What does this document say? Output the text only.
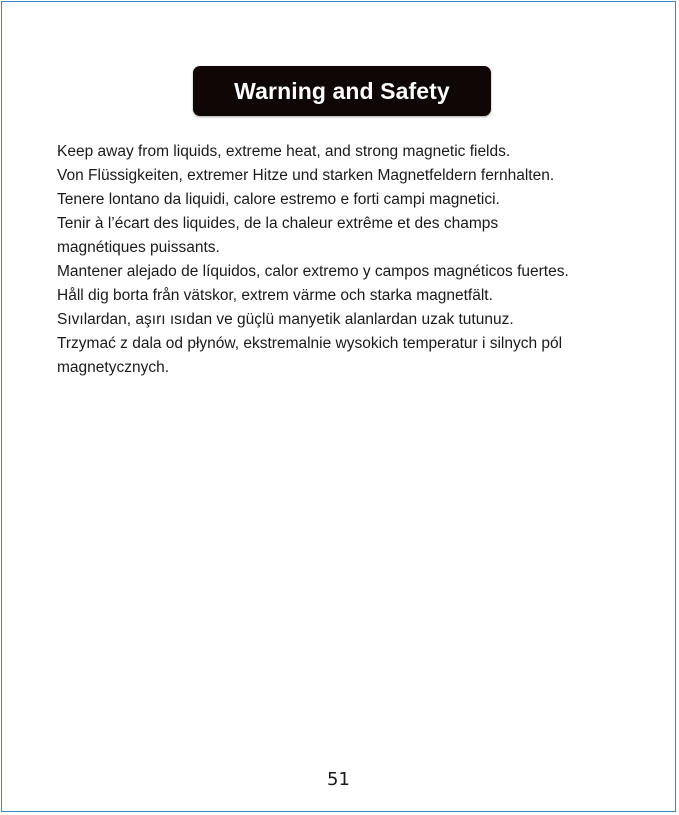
Warning and Safety
Keep away from liquids, extreme heat, and strong magnetic fields.
Von Flüssigkeiten, extremer Hitze und starken Magnetfeldern fernhalten.
Tenere lontano da liquidi, calore estremo e forti campi magnetici.
Tenir à l’écart des liquides, de la chaleur extrême et des champs
magnétiques puissants.
Mantener alejado de líquidos, calor extremo y campos magnéticos fuertes.
Håll dig borta från vätskor, extrem värme och starka magnetfält.
Sıvılardan, aşırı ısıdan ve güçlü manyetik alanlardan uzak tutunuz.
Trzymać z dala od płynów, ekstremalnie wysokich temperatur i silnych pól
magnetycznych.
51
